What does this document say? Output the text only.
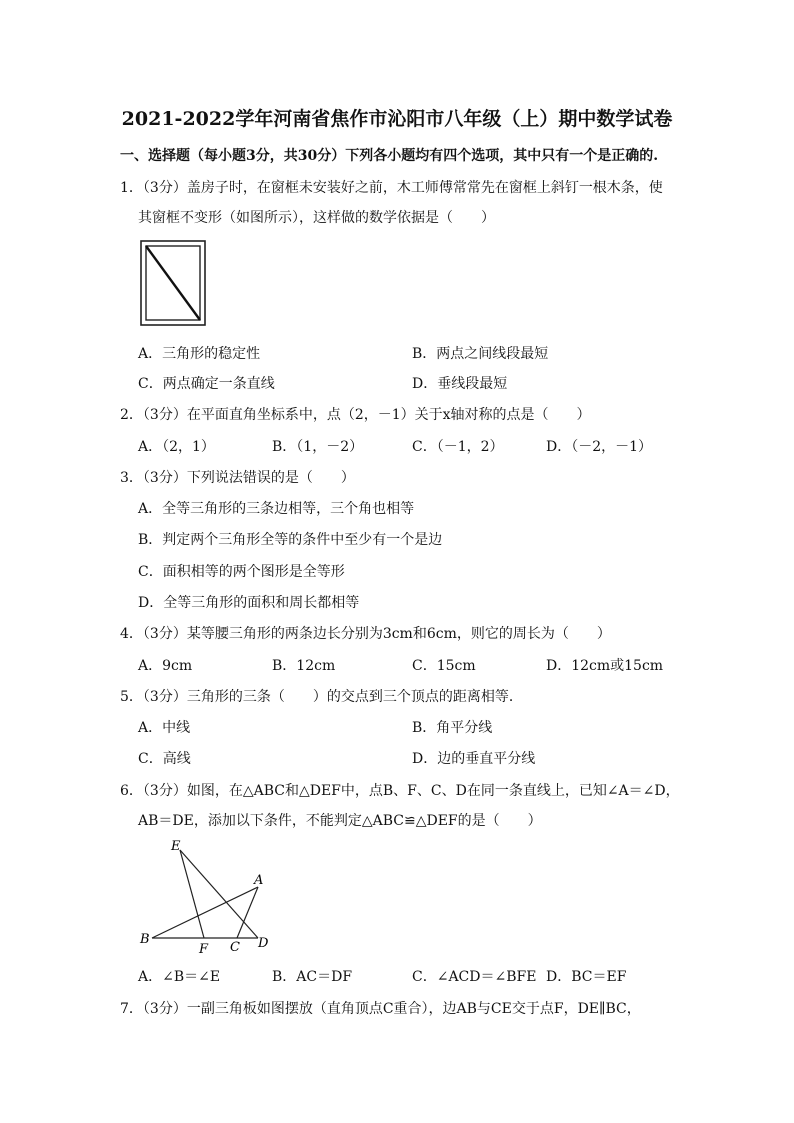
2021-2022学年河南省焦作市沁阳市八年级（上）期中数学试卷
一、选择题（每小题3分，共30分）下列各小题均有四个选项，其中只有一个是正确的.
1．（3分）盖房子时，在窗框未安装好之前，木工师傅常常先在窗框上斜钉一根木条，使
其窗框不变形（如图所示），这样做的数学依据是（　　）
A．三角形的稳定性	B．两点之间线段最短
C．两点确定一条直线	D．垂线段最短
2．（3分）在平面直角坐标系中，点（2，－1）关于x轴对称的点是（　　）
A．（2，1）	B．（1，－2）	C．（－1，2）	D．（－2，－1）
3．（3分）下列说法错误的是（　　）
A．全等三角形的三条边相等，三个角也相等
B．判定两个三角形全等的条件中至少有一个是边
C．面积相等的两个图形是全等形
D．全等三角形的面积和周长都相等
4．（3分）某等腰三角形的两条边长分别为3cm和6cm，则它的周长为（　　）
A．9cm	B．12cm	C．15cm	D．12cm或15cm
5．（3分）三角形的三条（　　）的交点到三个顶点的距离相等．
A．中线	B．角平分线
C．高线	D．边的垂直平分线
6．（3分）如图，在△ABC和△DEF中，点B、F、C、D在同一条直线上，已知∠A＝∠D，
AB＝DE，添加以下条件，不能判定△ABC≌△DEF的是（　　）
E
A
B
F C D
A．∠B＝∠E	B．AC＝DF	C．∠ACD＝∠BFE D．BC＝EF
7．（3分）一副三角板如图摆放（直角顶点C重合），边AB与CE交于点F，DE∥BC，
